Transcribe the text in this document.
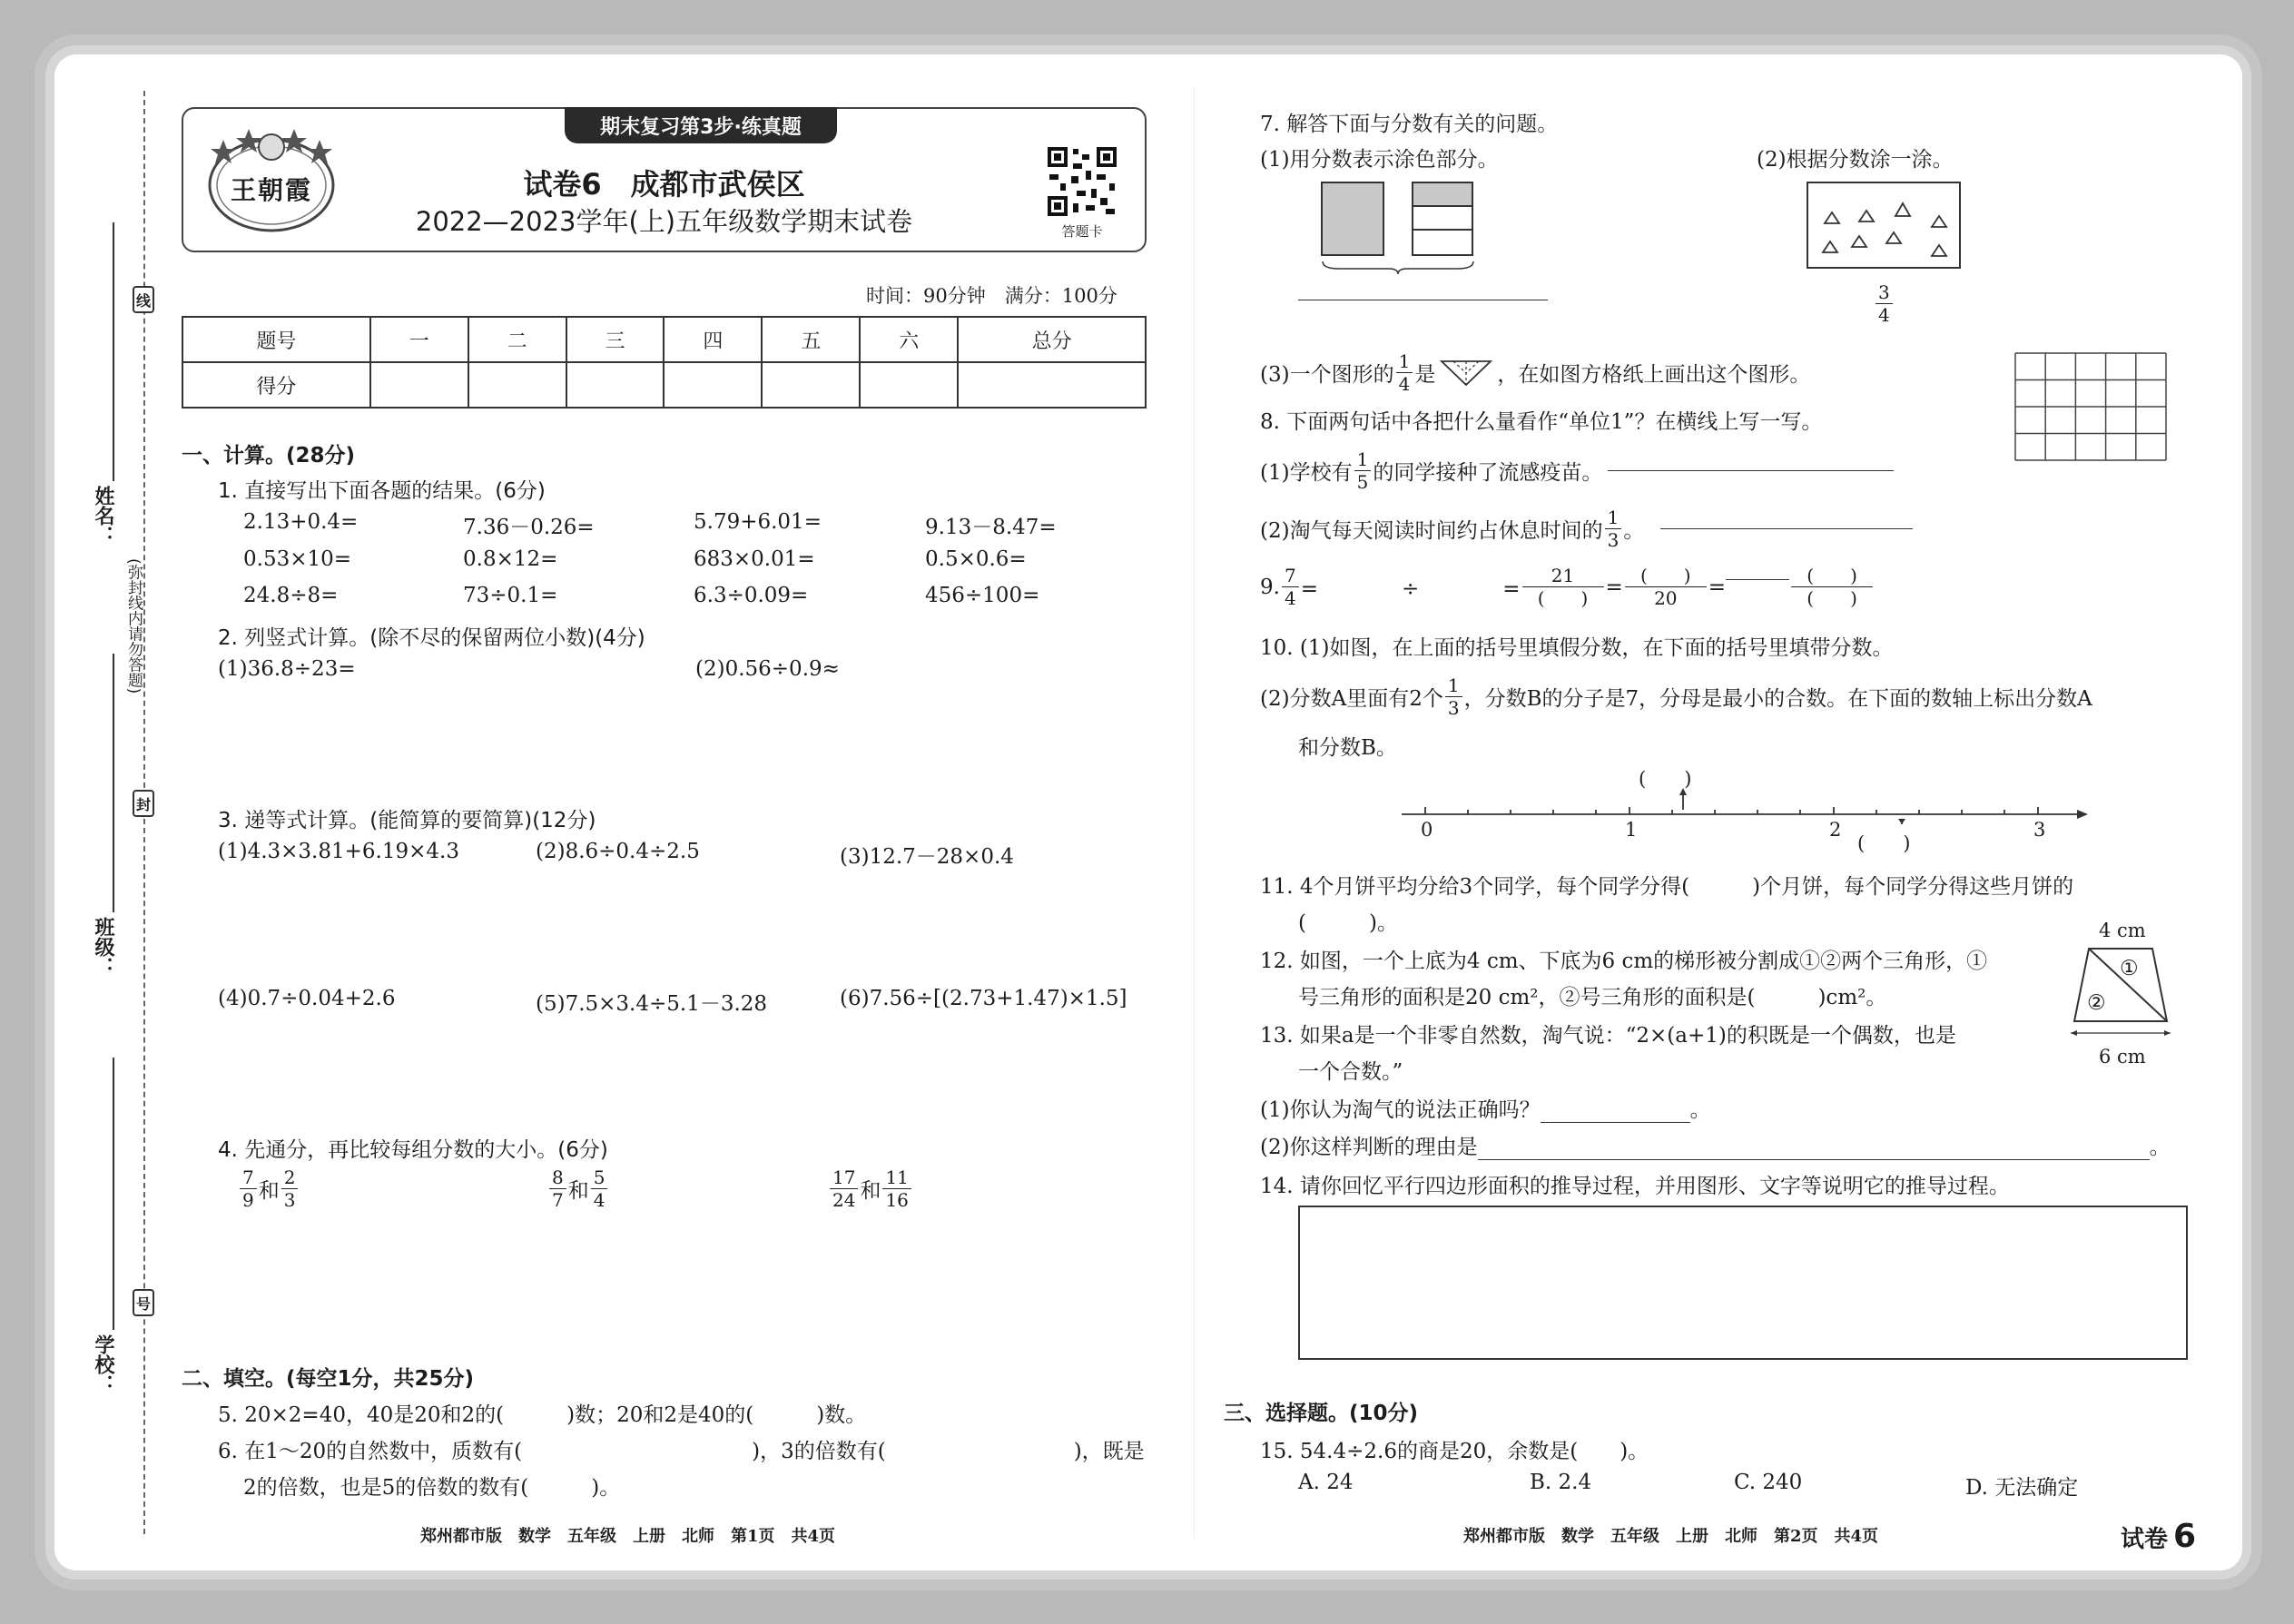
线
封
号
姓名：
班级：
学校：
(弥封线内请勿答题)
期末复习第3步·练真题
王朝霞	试卷6　成都市武侯区
2022—2023学年(上)五年级数学期末试卷	答题卡
时间：90分钟　满分：100分
题号	一	二	三	四	五	六	总分
得分							
一、计算。(28分)
1. 直接写出下面各题的结果。(6分)
2.13+0.4=	7.36－0.26=	5.79+6.01=	9.13－8.47=
0.53×10=	0.8×12=	683×0.01=	0.5×0.6=
24.8÷8=	73÷0.1=	6.3÷0.09=	456÷100=
2. 列竖式计算。(除不尽的保留两位小数)(4分)
(1)36.8÷23=	(2)0.56÷0.9≈
3. 递等式计算。(能简算的要简算)(12分)
(1)4.3×3.81+6.19×4.3	(2)8.6÷0.4÷2.5	(3)12.7－28×0.4
(4)0.7÷0.04+2.6	(5)7.5×3.4÷5.1－3.28	(6)7.56÷[(2.73+1.47)×1.5]
4. 先通分，再比较每组分数的大小。(6分)
$\frac{7}{9}$ 和 $\frac{2}{3}$	$\frac{8}{7}$ 和 $\frac{5}{4}$	$\frac{17}{24}$ 和 $\frac{11}{16}$
二、填空。(每空1分，共25分)
5. 20×2=40，40是20和2的(　　　)数；20和2是40的(　　　)数。
6. 在1～20的自然数中，质数有(　　　　　　　　　　　)，3的倍数有(　　　　　　　　　)，既是
2的倍数，也是5的倍数的数有(　　　)。
郑州都市版　数学　五年级　上册　北师　第1页　共4页
7. 解答下面与分数有关的问题。
(1)用分数表示涂色部分。	(2)根据分数涂一涂。
$\frac{3}{4}$
(3)一个图形的 $\frac{1}{4}$ 是	，在如图方格纸上画出这个图形。
8. 下面两句话中各把什么量看作“单位1”？在横线上写一写。
(1)学校有 $\frac{1}{5}$ 的同学接种了流感疫苗。
(2)淘气每天阅读时间约占休息时间的 $\frac{1}{3}$ 。
9. $\frac{7}{4}$ =　　　　÷　　　　= $\frac{21}{( )} = \frac{( )}{20}$ =	$\frac{( )}{( )}$
10. (1)如图，在上面的括号里填假分数，在下面的括号里填带分数。
(2)分数A里面有2个 $\frac{1}{3}$ ，分数B的分子是7，分母是最小的合数。在下面的数轴上标出分数A
和分数B。
0	1	2	3
(　　)
(　　)
11. 4个月饼平均分给3个同学，每个同学分得(　　　)个月饼，每个同学分得这些月饼的
(　　　)。
12. 如图，一个上底为4 cm、下底为6 cm的梯形被分割成①②两个三角形，①
号三角形的面积是20 cm²，②号三角形的面积是(　　　)cm²。
4 cm
①
②
6 cm
13. 如果a是一个非零自然数，淘气说：“2×(a+1)的积既是一个偶数，也是
一个合数。”
(1)你认为淘气的说法正确吗？	。
(2)你这样判断的理由是	。
14. 请你回忆平行四边形面积的推导过程，并用图形、文字等说明它的推导过程。
三、选择题。(10分)
15. 54.4÷2.6的商是20，余数是(　　)。
A. 24	B. 2.4	C. 240	D. 无法确定
郑州都市版　数学　五年级　上册　北师　第2页　共4页	试卷 6
